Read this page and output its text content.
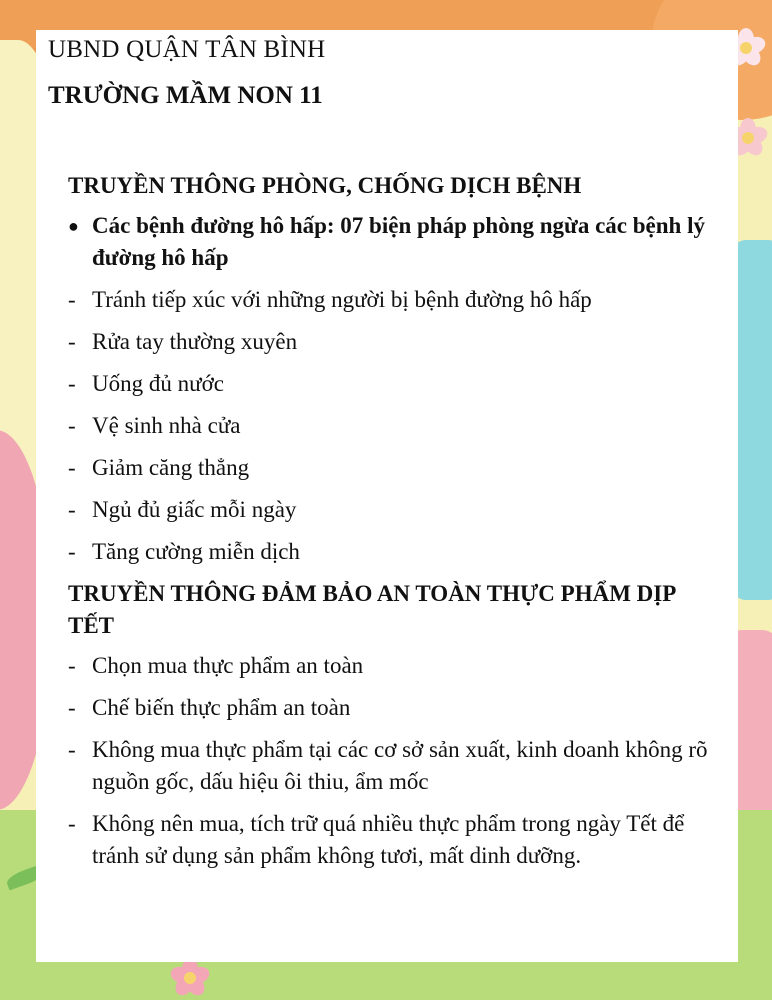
UBND QUẬN TÂN BÌNH
TRƯỜNG MẦM NON 11
TRUYỀN THÔNG PHÒNG, CHỐNG DỊCH BỆNH
● Các bệnh đường hô hấp: 07 biện pháp phòng ngừa các bệnh lý đường hô hấp
- Tránh tiếp xúc với những người bị bệnh đường hô hấp
- Rửa tay thường xuyên
- Uống đủ nước
- Vệ sinh nhà cửa
- Giảm căng thẳng
- Ngủ đủ giấc mỗi ngày
- Tăng cường miễn dịch
TRUYỀN THÔNG ĐẢM BẢO AN TOÀN THỰC PHẨM DỊP TẾT
- Chọn mua thực phẩm an toàn
- Chế biến thực phẩm an toàn
- Không mua thực phẩm tại các cơ sở sản xuất, kinh doanh không rõ nguồn gốc, dấu hiệu ôi thiu, ẩm mốc
- Không nên mua, tích trữ quá nhiều thực phẩm trong ngày Tết để tránh sử dụng sản phẩm không tươi, mất dinh dưỡng.
